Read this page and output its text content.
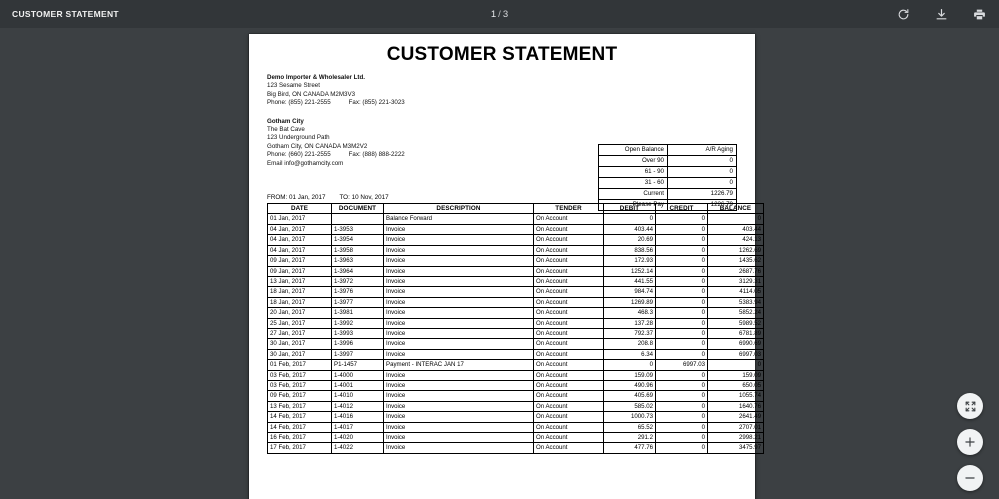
CUSTOMER STATEMENT	1 / 3
CUSTOMER STATEMENT
Demo Importer & Wholesaler Ltd.
123 Sesame Street
Big Bird, ON CANADA M2M3V3
Phone: (855) 221-2555	Fax: (855) 221-3023
Gotham City
The Bat Cave
123 Underground Path
Gotham City, ON CANADA M3M2V2
Phone: (660) 221-2555	Fax: (888) 888-2222
Email info@gothamcity.com
Open Balance	A/R Aging
Over 90	0
61 - 90	0
31 - 60	0
Current	1226.79
Please Pay	1226.79
FROM: 01 Jan, 2017 TO: 10 Nov, 2017
DATE	DOCUMENT	DESCRIPTION	TENDER	DEBIT	CREDIT	BALANCE
01 Jan, 2017		Balance Forward	On Account	0	0	0
04 Jan, 2017	1-3953	Invoice	On Account	403.44	0	403.44
04 Jan, 2017	1-3954	Invoice	On Account	20.69	0	424.13
04 Jan, 2017	1-3958	Invoice	On Account	838.56	0	1262.69
09 Jan, 2017	1-3963	Invoice	On Account	172.93	0	1435.62
09 Jan, 2017	1-3964	Invoice	On Account	1252.14	0	2687.76
13 Jan, 2017	1-3972	Invoice	On Account	441.55	0	3129.31
18 Jan, 2017	1-3976	Invoice	On Account	984.74	0	4114.05
18 Jan, 2017	1-3977	Invoice	On Account	1269.89	0	5383.94
20 Jan, 2017	1-3981	Invoice	On Account	468.3	0	5852.24
25 Jan, 2017	1-3992	Invoice	On Account	137.28	0	5989.52
27 Jan, 2017	1-3993	Invoice	On Account	792.37	0	6781.89
30 Jan, 2017	1-3996	Invoice	On Account	208.8	0	6990.69
30 Jan, 2017	1-3997	Invoice	On Account	6.34	0	6997.03
01 Feb, 2017	P1-1457	Payment - INTERAC JAN 17	On Account	0	6997.03	0
03 Feb, 2017	1-4000	Invoice	On Account	159.09	0	159.09
03 Feb, 2017	1-4001	Invoice	On Account	490.96	0	650.05
09 Feb, 2017	1-4010	Invoice	On Account	405.69	0	1055.74
13 Feb, 2017	1-4012	Invoice	On Account	585.02	0	1640.76
14 Feb, 2017	1-4016	Invoice	On Account	1000.73	0	2641.49
14 Feb, 2017	1-4017	Invoice	On Account	65.52	0	2707.01
16 Feb, 2017	1-4020	Invoice	On Account	291.2	0	2998.21
17 Feb, 2017	1-4022	Invoice	On Account	477.76	0	3475.97
